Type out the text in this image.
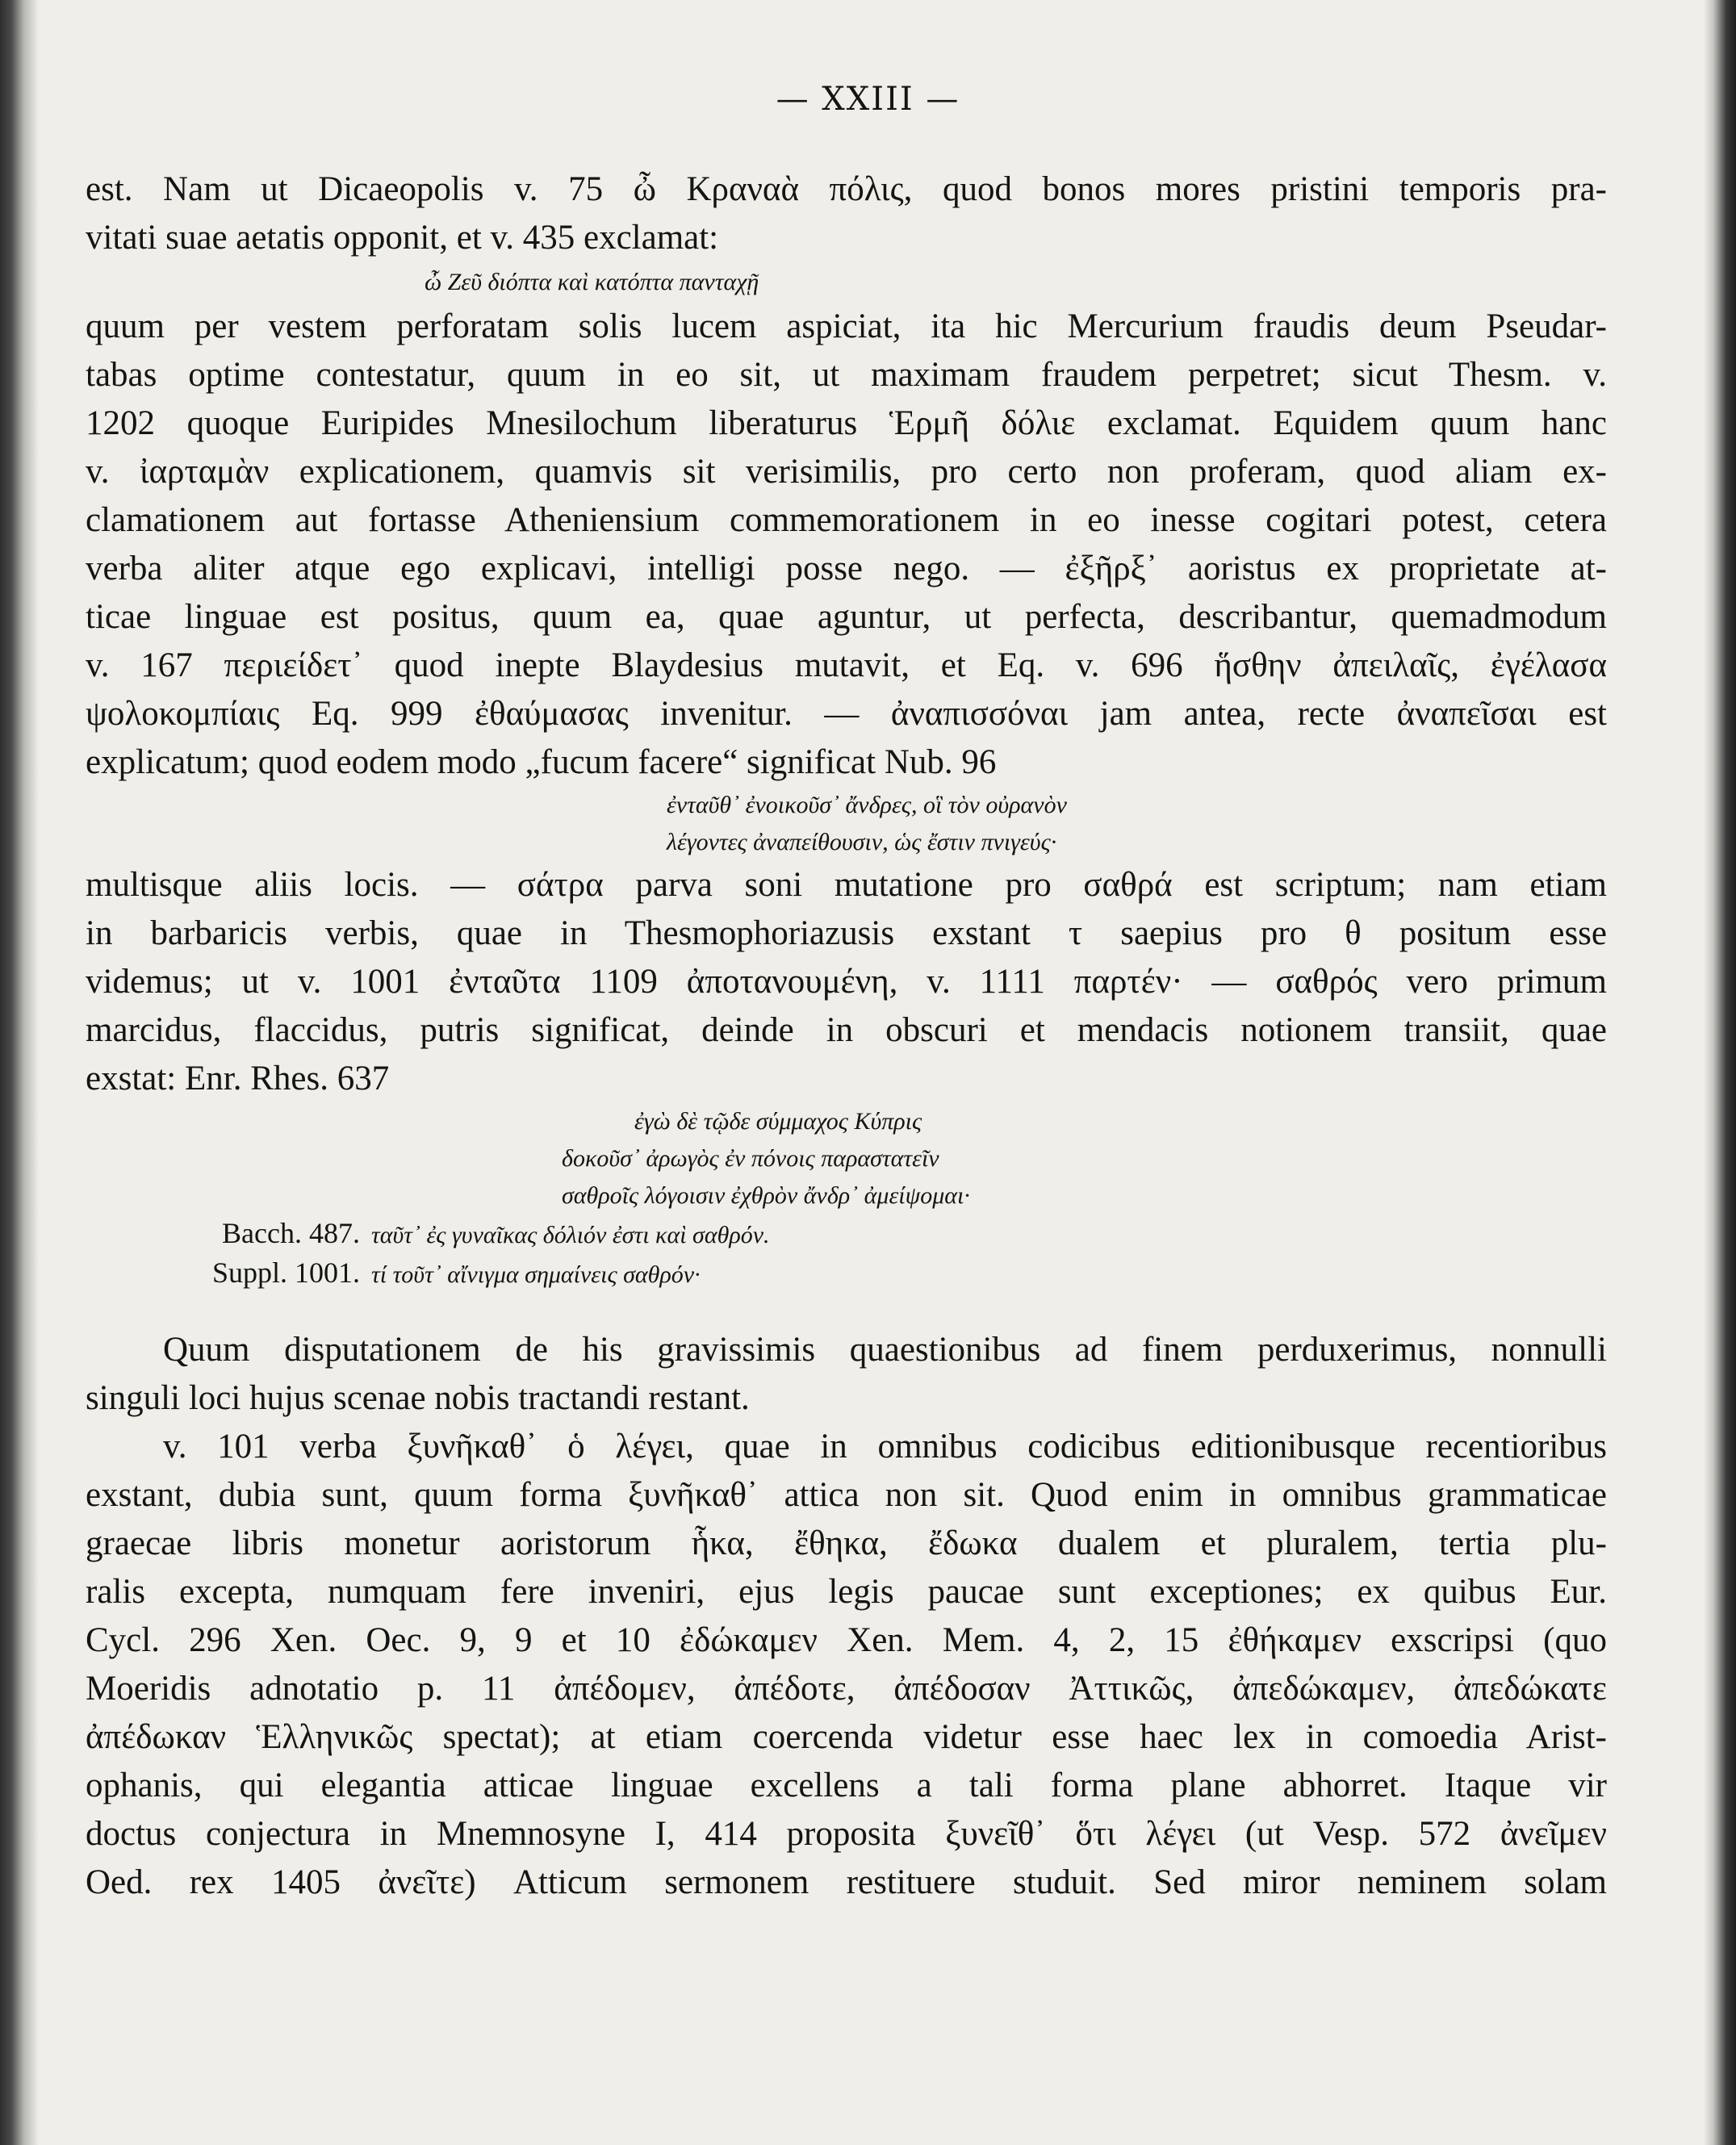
— XXIII —
est. Nam ut Dicaeopolis v. 75 ὦ Κραναὰ πόλις, quod bonos mores pristini temporis pra-
vitati suae aetatis opponit, et v. 435 exclamat:
ὦ Ζεῦ διόπτα καὶ κατόπτα πανταχῇ
quum per vestem perforatam solis lucem aspiciat, ita hic Mercurium fraudis deum Pseudar-
tabas optime contestatur, quum in eo sit, ut maximam fraudem perpetret; sicut Thesm. v.
1202 quoque Euripides Mnesilochum liberaturus Ἑρμῆ δόλιε exclamat. Equidem quum hanc
v. ἰαρταμὰν explicationem, quamvis sit verisimilis, pro certo non proferam, quod aliam ex-
clamationem aut fortasse Atheniensium commemorationem in eo inesse cogitari potest, cetera
verba aliter atque ego explicavi, intelligi posse nego. — ἐξῆρξ᾽ aoristus ex proprietate at-
ticae linguae est positus, quum ea, quae aguntur, ut perfecta, describantur, quemadmodum
v. 167 περιείδετ᾽ quod inepte Blaydesius mutavit, et Eq. v. 696 ἥσθην ἀπειλαῖς, ἐγέλασα
ψολοκομπίαις Eq. 999 ἐθαύμασας invenitur. — ἀναπισσόναι jam antea, recte ἀναπεῖσαι est
explicatum; quod eodem modo „fucum facere“ significat Nub. 96
ἐνταῦθ᾽ ἐνοικοῦσ᾽ ἄνδρες, οἳ τὸν οὐρανὸν
λέγοντες ἀναπείθουσιν, ὡς ἔστιν πνιγεύς·
multisque aliis locis. — σάτρα parva soni mutatione pro σαθρά est scriptum; nam etiam
in barbaricis verbis, quae in Thesmophoriazusis exstant τ saepius pro θ positum esse
videmus; ut v. 1001 ἐνταῦτα 1109 ἀποτανουμένη, v. 1111 παρτέν· — σαθρός vero primum
marcidus, flaccidus, putris significat, deinde in obscuri et mendacis notionem transiit, quae
exstat: Enr. Rhes. 637
ἐγὼ δὲ τῷδε σύμμαχος Κύπρις
δοκοῦσ᾽ ἀρωγὸς ἐν πόνοις παραστατεῖν
σαθροῖς λόγοισιν ἐχθρὸν ἄνδρ᾽ ἀμείψομαι·
Bacch. 487. ταῦτ᾽ ἐς γυναῖκας δόλιόν ἐστι καὶ σαθρόν.
Suppl. 1001. τί τοῦτ᾽ αἴνιγμα σημαίνεις σαθρόν·
Quum disputationem de his gravissimis quaestionibus ad finem perduxerimus, nonnulli
singuli loci hujus scenae nobis tractandi restant.
v. 101 verba ξυνῆκαθ᾽ ὁ λέγει, quae in omnibus codicibus editionibusque recentioribus
exstant, dubia sunt, quum forma ξυνῆκαθ᾽ attica non sit. Quod enim in omnibus grammaticae
graecae libris monetur aoristorum ἧκα, ἔθηκα, ἔδωκα dualem et pluralem, tertia plu-
ralis excepta, numquam fere inveniri, ejus legis paucae sunt exceptiones; ex quibus Eur.
Cycl. 296 Xen. Oec. 9, 9 et 10 ἐδώκαμεν Xen. Mem. 4, 2, 15 ἐθήκαμεν exscripsi (quo
Moeridis adnotatio p. 11 ἀπέδομεν, ἀπέδοτε, ἀπέδοσαν Ἀττικῶς, ἀπεδώκαμεν, ἀπεδώκατε
ἀπέδωκαν Ἑλληνικῶς spectat); at etiam coercenda videtur esse haec lex in comoedia Arist-
ophanis, qui elegantia atticae linguae excellens a tali forma plane abhorret. Itaque vir
doctus conjectura in Mnemnosyne I, 414 proposita ξυνεῖθ᾽ ὅτι λέγει (ut Vesp. 572 ἀνεῖμεν
Oed. rex 1405 ἀνεῖτε) Atticum sermonem restituere studuit. Sed miror neminem solam
